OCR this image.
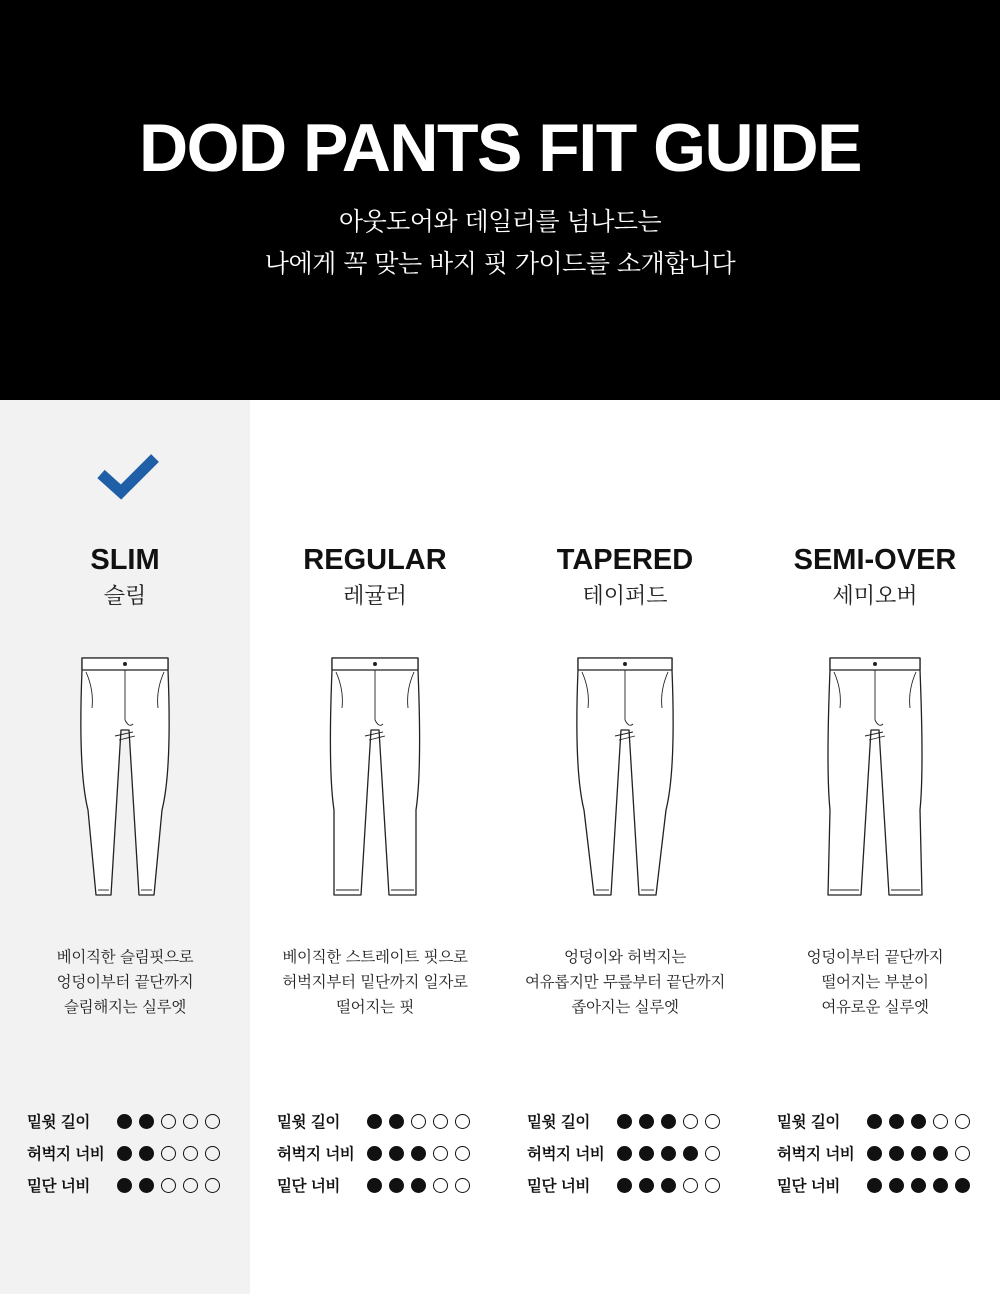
DOD PANTS FIT GUIDE
아웃도어와 데일리를 넘나드는
나에게 꼭 맞는 바지 핏 가이드를 소개합니다
SLIM
슬림
베이직한 슬림핏으로
엉덩이부터 끝단까지
슬림해지는 실루엣
밑윗 길이
허벅지 너비
밑단 너비
REGULAR
레귤러
베이직한 스트레이트 핏으로
허벅지부터 밑단까지 일자로
떨어지는 핏
밑윗 길이
허벅지 너비
밑단 너비
TAPERED
테이퍼드
엉덩이와 허벅지는
여유롭지만 무릎부터 끝단까지
좁아지는 실루엣
밑윗 길이
허벅지 너비
밑단 너비
SEMI-OVER
세미오버
엉덩이부터 끝단까지
떨어지는 부분이
여유로운 실루엣
밑윗 길이
허벅지 너비
밑단 너비
